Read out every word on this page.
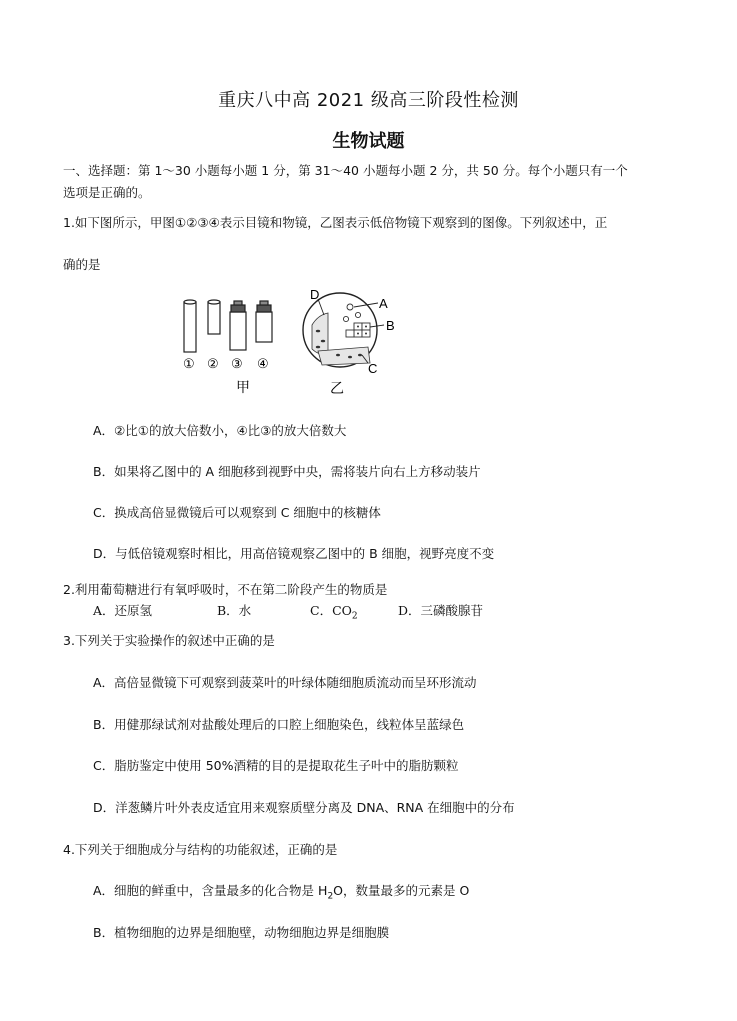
重庆八中高 2021 级高三阶段性检测
生物试题
一、选择题：第 1～30 小题每小题 1 分，第 31～40 小题每小题 2 分，共 50 分。每个小题只有一个
选项是正确的。
1.如下图所示，甲图①②③④表示目镜和物镜，乙图表示低倍物镜下观察到的图像。下列叙述中，正
确的是
① ② ③ ④
甲
D
A
B
C
乙
A．②比①的放大倍数小，④比③的放大倍数大
B．如果将乙图中的 A 细胞移到视野中央，需将装片向右上方移动装片
C．换成高倍显微镜后可以观察到 C 细胞中的核糖体
D．与低倍镜观察时相比，用高倍镜观察乙图中的 B 细胞，视野亮度不变
2.利用葡萄糖进行有氧呼吸时，不在第二阶段产生的物质是
A．还原氢	B．水	C．$CO_2$	D．三磷酸腺苷
3.下列关于实验操作的叙述中正确的是
A．高倍显微镜下可观察到菠菜叶的叶绿体随细胞质流动而呈环形流动
B．用健那绿试剂对盐酸处理后的口腔上细胞染色，线粒体呈蓝绿色
C．脂肪鉴定中使用 50%酒精的目的是提取花生子叶中的脂肪颗粒
D．洋葱鳞片叶外表皮适宜用来观察质壁分离及 DNA、RNA 在细胞中的分布
4.下列关于细胞成分与结构的功能叙述，正确的是
A．细胞的鲜重中，含量最多的化合物是 $H_2O$，数量最多的元素是 O
B．植物细胞的边界是细胞壁，动物细胞边界是细胞膜
